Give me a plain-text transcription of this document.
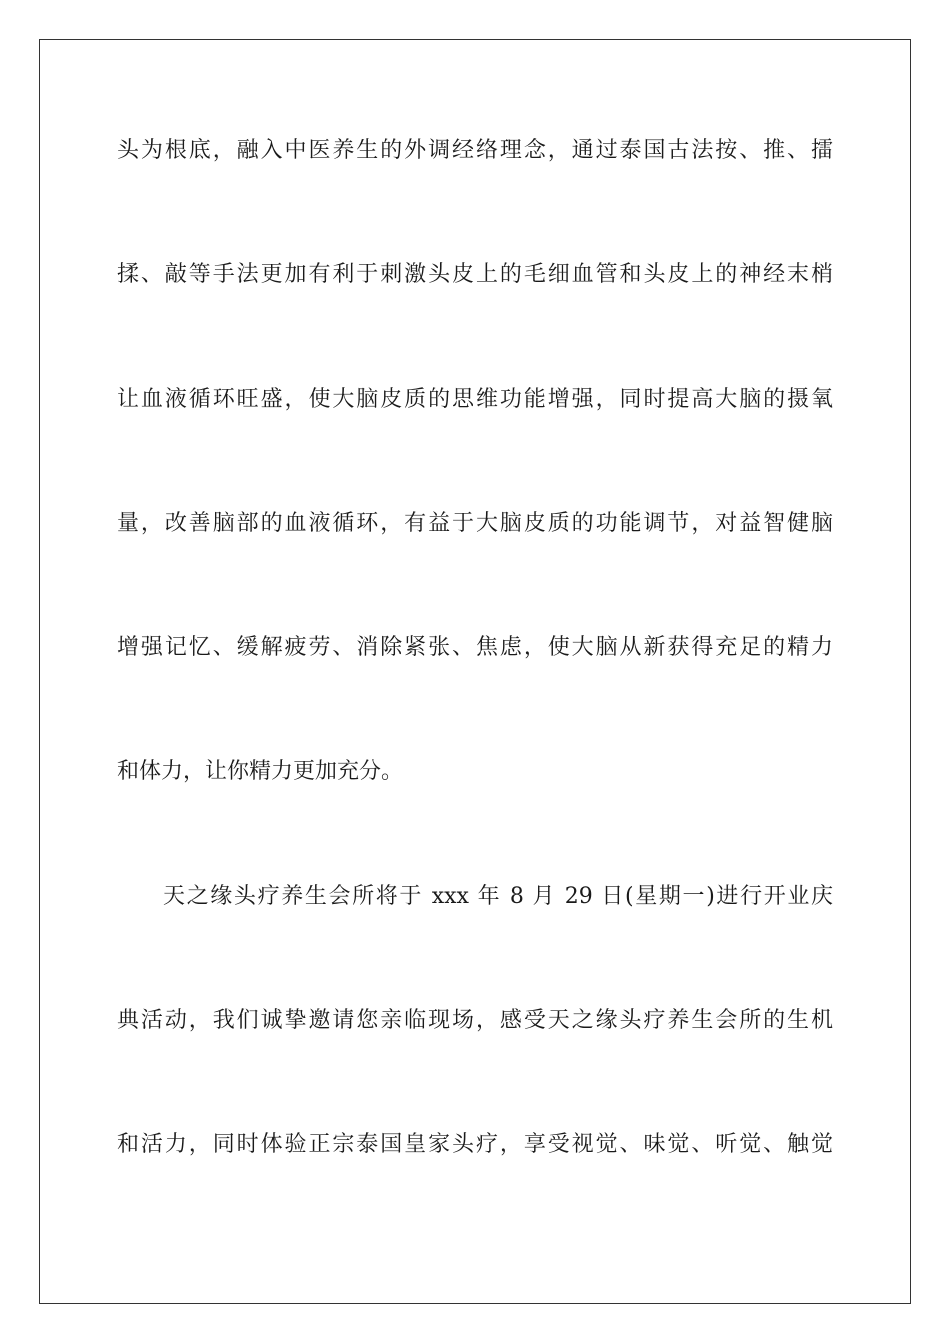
头为根底，融入中医养生的外调经络理念，通过泰国古法按、推、擂
揉、敲等手法更加有利于刺激头皮上的毛细血管和头皮上的神经末梢
让血液循环旺盛，使大脑皮质的思维功能增强，同时提高大脑的摄氧
量，改善脑部的血液循环，有益于大脑皮质的功能调节，对益智健脑
增强记忆、缓解疲劳、消除紧张、焦虑，使大脑从新获得充足的精力
和体力，让你精力更加充分。
天之缘头疗养生会所将于 xxx 年 8 月 29 日(星期一)进行开业庆
典活动，我们诚挚邀请您亲临现场，感受天之缘头疗养生会所的生机
和活力，同时体验正宗泰国皇家头疗，享受视觉、味觉、听觉、触觉
